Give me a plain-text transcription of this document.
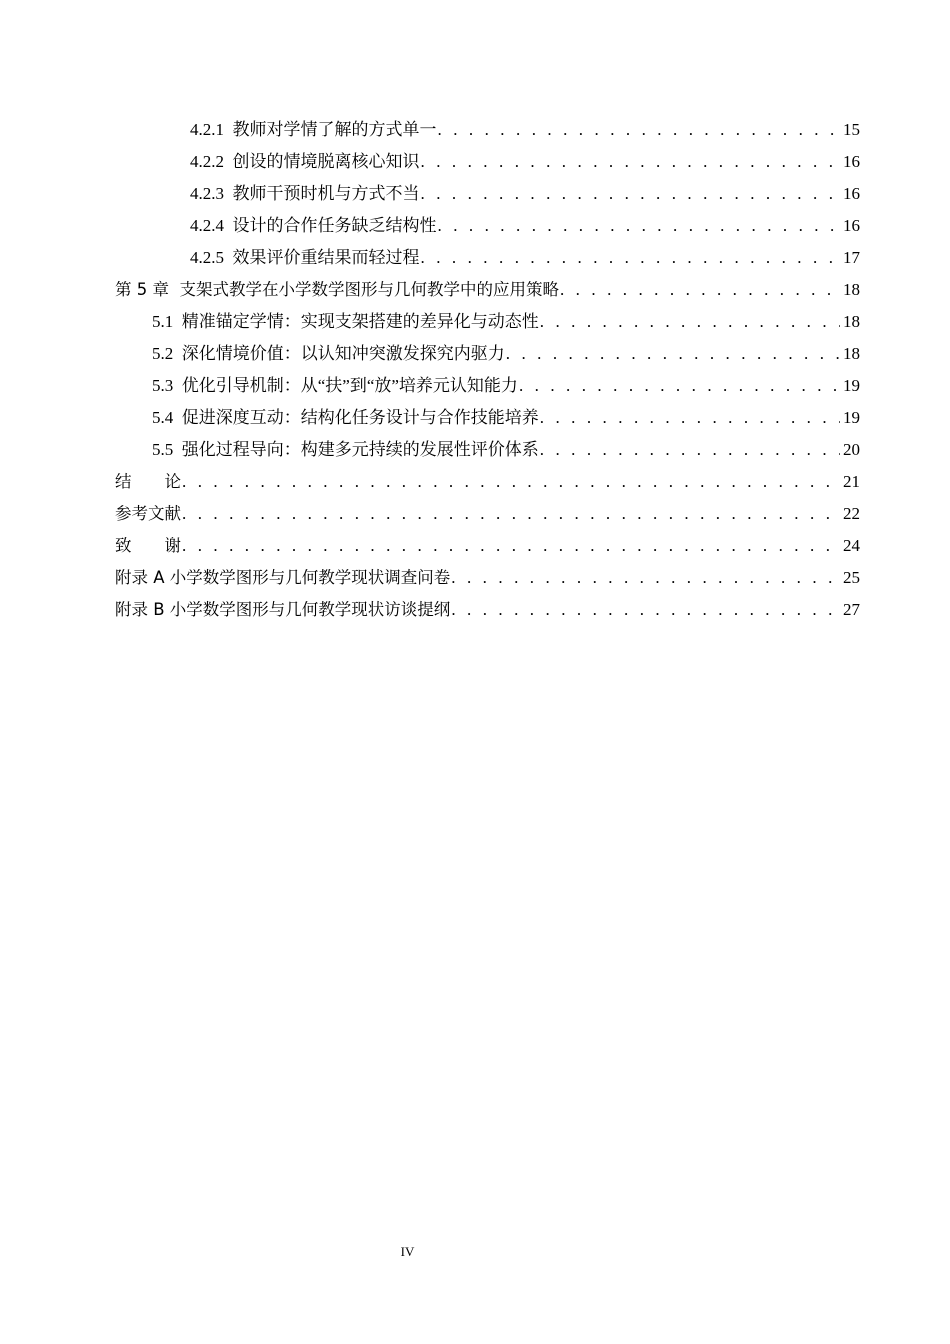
4.2.1  教师对学情了解的方式单一 . . .	15
4.2.2  创设的情境脱离核心知识 . . .	16
4.2.3  教师干预时机与方式不当 . . .	16
4.2.4  设计的合作任务缺乏结构性 . . .	16
4.2.5  效果评价重结果而轻过程 . . .	17
第 5 章  支架式教学在小学数学图形与几何教学中的应用策略 . . .	18
5.1  精准锚定学情：实现支架搭建的差异化与动态性 . . .	18
5.2  深化情境价值：以认知冲突激发探究内驱力 . . .	18
5.3  优化引导机制：从“扶”到“放”培养元认知能力 . . .	19
5.4  促进深度互动：结构化任务设计与合作技能培养 . . .	19
5.5  强化过程导向：构建多元持续的发展性评价体系 . . .	20
结　　论 . . .	21
参考文献 . . .	22
致　　谢 . . .	24
附录 A 小学数学图形与几何教学现状调查问卷 . . .	25
附录 B 小学数学图形与几何教学现状访谈提纲 . . .	27
IV
